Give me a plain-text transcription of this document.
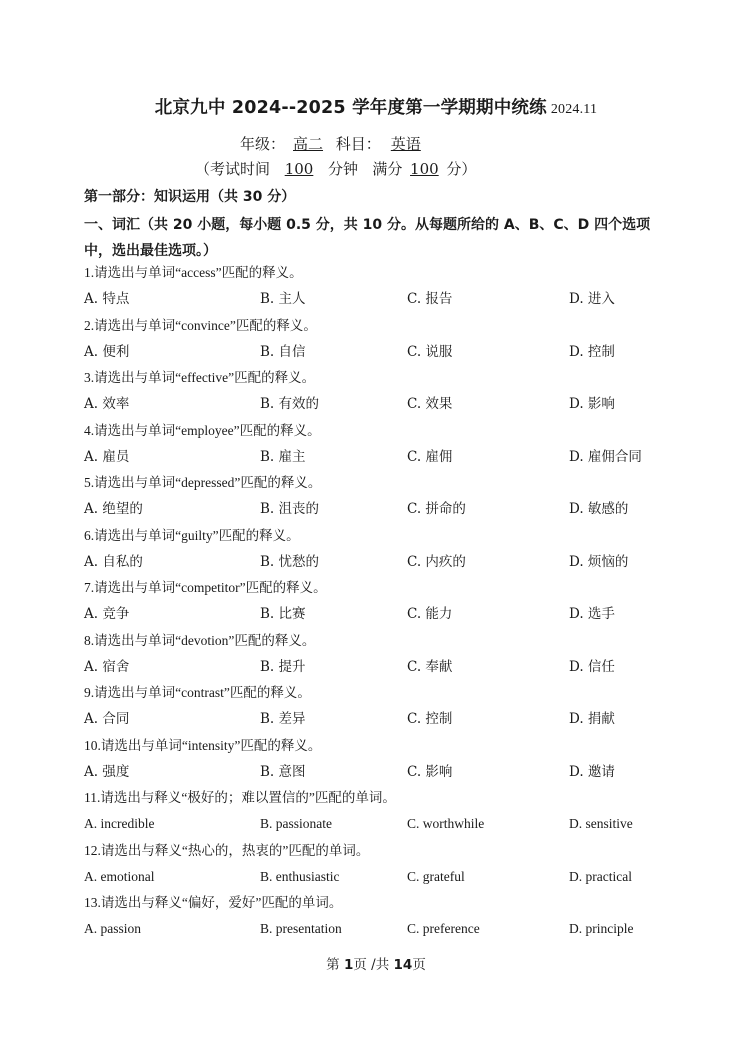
北京九中 2024--2025 学年度第一学期期中统练 2024.11
年级： 高二 科目： 英语
（考试时间 100 分钟 满分 100 分）
第一部分：知识运用（共 30 分）
一、词汇（共 20 小题，每小题 0.5 分，共 10 分。从每题所给的 A、B、C、D 四个选项中，选出最佳选项。）
1.请选出与单词“access”匹配的释义。
A. 特点	B. 主人	C. 报告	D. 进入
2.请选出与单词“convince”匹配的释义。
A. 便利	B. 自信	C. 说服	D. 控制
3.请选出与单词“effective”匹配的释义。
A. 效率	B. 有效的	C. 效果	D. 影响
4.请选出与单词“employee”匹配的释义。
A. 雇员	B. 雇主	C. 雇佣	D. 雇佣合同
5.请选出与单词“depressed”匹配的释义。
A. 绝望的	B. 沮丧的	C. 拼命的	D. 敏感的
6.请选出与单词“guilty”匹配的释义。
A. 自私的	B. 忧愁的	C. 内疚的	D. 烦恼的
7.请选出与单词“competitor”匹配的释义。
A. 竞争	B. 比赛	C. 能力	D. 选手
8.请选出与单词“devotion”匹配的释义。
A. 宿舍	B. 提升	C. 奉献	D. 信任
9.请选出与单词“contrast”匹配的释义。
A. 合同	B. 差异	C. 控制	D. 捐献
10.请选出与单词“intensity”匹配的释义。
A. 强度	B. 意图	C. 影响	D. 邀请
11.请选出与释义“极好的；难以置信的”匹配的单词。
A. incredible	B. passionate	C. worthwhile	D. sensitive
12.请选出与释义“热心的，热衷的”匹配的单词。
A. emotional	B. enthusiastic	C. grateful	D. practical
13.请选出与释义“偏好，爱好”匹配的单词。
A. passion	B. presentation	C. preference	D. principle
第 1页 /共 14页
